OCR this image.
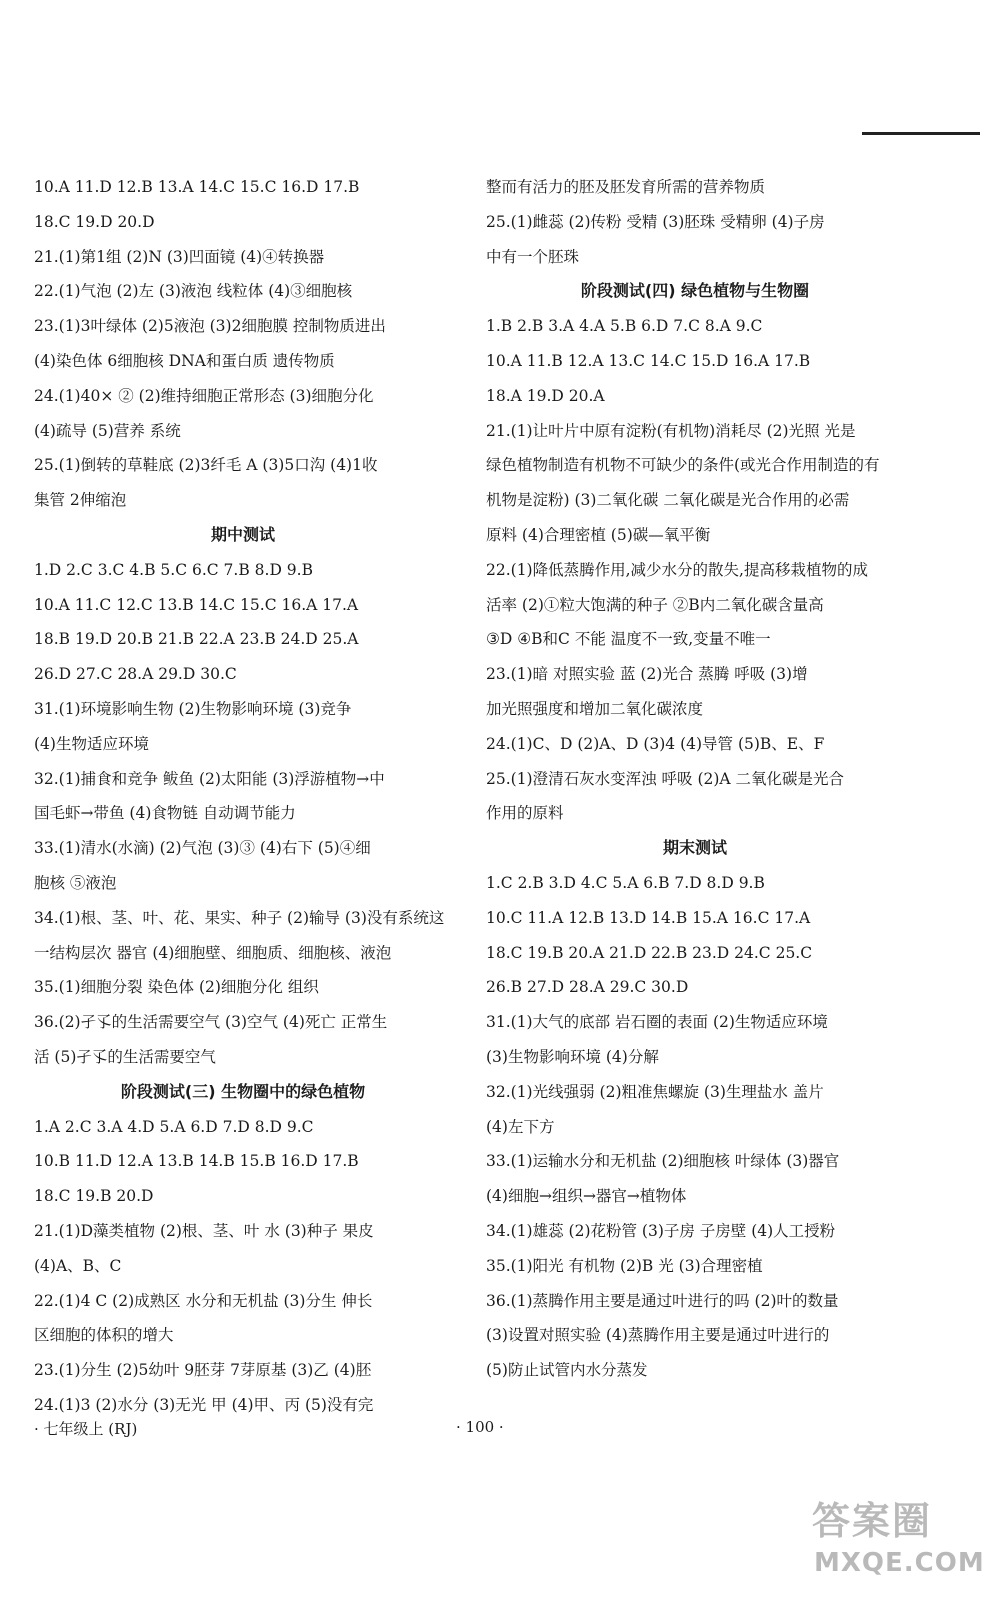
10.A 11.D 12.B 13.A 14.C 15.C 16.D 17.B
18.C 19.D 20.D
21.(1)第1组 (2)N (3)凹面镜 (4)④转换器
22.(1)气泡 (2)左 (3)液泡 线粒体 (4)③细胞核
23.(1)3叶绿体 (2)5液泡 (3)2细胞膜 控制物质进出
(4)染色体 6细胞核 DNA和蛋白质 遗传物质
24.(1)40× ② (2)维持细胞正常形态 (3)细胞分化
(4)疏导 (5)营养 系统
25.(1)倒转的草鞋底 (2)3纤毛 A (3)5口沟 (4)1收
集管 2伸缩泡
期中测试
1.D 2.C 3.C 4.B 5.C 6.C 7.B 8.D 9.B
10.A 11.C 12.C 13.B 14.C 15.C 16.A 17.A
18.B 19.D 20.B 21.B 22.A 23.B 24.D 25.A
26.D 27.C 28.A 29.D 30.C
31.(1)环境影响生物 (2)生物影响环境 (3)竞争
(4)生物适应环境
32.(1)捕食和竞争 鲅鱼 (2)太阳能 (3)浮游植物→中
国毛虾→带鱼 (4)食物链 自动调节能力
33.(1)清水(水滴) (2)气泡 (3)③ (4)右下 (5)④细
胞核 ⑤液泡
34.(1)根、茎、叶、花、果实、种子 (2)输导 (3)没有系统这
一结构层次 器官 (4)细胞壁、细胞质、细胞核、液泡
35.(1)细胞分裂 染色体 (2)细胞分化 组织
36.(2)孑孓的生活需要空气 (3)空气 (4)死亡 正常生
活 (5)孑孓的生活需要空气
阶段测试(三) 生物圈中的绿色植物
1.A 2.C 3.A 4.D 5.A 6.D 7.D 8.D 9.C
10.B 11.D 12.A 13.B 14.B 15.B 16.D 17.B
18.C 19.B 20.D
21.(1)D藻类植物 (2)根、茎、叶 水 (3)种子 果皮
(4)A、B、C
22.(1)4 C (2)成熟区 水分和无机盐 (3)分生 伸长
区细胞的体积的增大
23.(1)分生 (2)5幼叶 9胚芽 7芽原基 (3)乙 (4)胚
24.(1)3 (2)水分 (3)无光 甲 (4)甲、丙 (5)没有完
整而有活力的胚及胚发育所需的营养物质
25.(1)雌蕊 (2)传粉 受精 (3)胚珠 受精卵 (4)子房
中有一个胚珠
阶段测试(四) 绿色植物与生物圈
1.B 2.B 3.A 4.A 5.B 6.D 7.C 8.A 9.C
10.A 11.B 12.A 13.C 14.C 15.D 16.A 17.B
18.A 19.D 20.A
21.(1)让叶片中原有淀粉(有机物)消耗尽 (2)光照 光是
绿色植物制造有机物不可缺少的条件(或光合作用制造的有
机物是淀粉) (3)二氧化碳 二氧化碳是光合作用的必需
原料 (4)合理密植 (5)碳—氧平衡
22.(1)降低蒸腾作用,减少水分的散失,提高移栽植物的成
活率 (2)①粒大饱满的种子 ②B内二氧化碳含量高
③D ④B和C 不能 温度不一致,变量不唯一
23.(1)暗 对照实验 蓝 (2)光合 蒸腾 呼吸 (3)增
加光照强度和增加二氧化碳浓度
24.(1)C、D (2)A、D (3)4 (4)导管 (5)B、E、F
25.(1)澄清石灰水变浑浊 呼吸 (2)A 二氧化碳是光合
作用的原料
期末测试
1.C 2.B 3.D 4.C 5.A 6.B 7.D 8.D 9.B
10.C 11.A 12.B 13.D 14.B 15.A 16.C 17.A
18.C 19.B 20.A 21.D 22.B 23.D 24.C 25.C
26.B 27.D 28.A 29.C 30.D
31.(1)大气的底部 岩石圈的表面 (2)生物适应环境
(3)生物影响环境 (4)分解
32.(1)光线强弱 (2)粗准焦螺旋 (3)生理盐水 盖片
(4)左下方
33.(1)运输水分和无机盐 (2)细胞核 叶绿体 (3)器官
(4)细胞→组织→器官→植物体
34.(1)雄蕊 (2)花粉管 (3)子房 子房壁 (4)人工授粉
35.(1)阳光 有机物 (2)B 光 (3)合理密植
36.(1)蒸腾作用主要是通过叶进行的吗 (2)叶的数量
(3)设置对照实验 (4)蒸腾作用主要是通过叶进行的
(5)防止试管内水分蒸发
· 七年级上 (RJ)	· 100 ·
答案圈
MXQE.COM
